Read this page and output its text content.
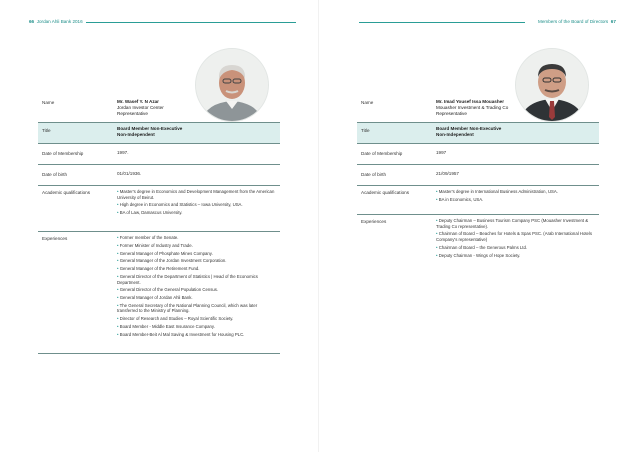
66 Jordan Ahli Bank 2016
Name	Mr. Wasef Y. N Azar
Jordan Investor Center
Representative
Title	Board Member Non-Executive
Non-Independent
Date of Membership	1997.
Date of birth	01/01/1936.
Academic qualifications	• Master's degree in Economics and Development Management from the American University of Beirut.
• High degree in Economics and Statistics – Iowa University, USA.
• BA of Law, Damascus University.
Experiences	• Former member of the Senate.
• Former Minister of Industry and Trade.
• General Manager of Phosphate Mines Company.
• General Manager of the Jordan Investment Corporation.
• General Manager of the Retirement Fund.
• General Director of the Department of Statistics | Head of the Economics Department.
• General Director of the General Population Census.
• General Manager of Jordan Ahli Bank.
• The General Secretary of the National Planning Council, which was later transferred to the Ministry of Planning.
• Director of Research and Studies – Royal Scientific Society.
• Board Member - Middle East Insurance Company.
• Board Member-Beit Al Mal Saving & Investment for Housing PLC.
Members of the Board of Directors 67
Name	Mr. Imad Yousef Issa Mouasher
Mouasher Investment & Trading Co
Representative
Title	Board Member Non-Executive
Non-Independent
Date of Membership	1997
Date of birth	21/09/1957
Academic qualifications	• Master's degree in International Business Administration, USA.
• BA in Economics, USA.
Experiences	• Deputy Chairman – Business Tourism Company PSC (Mouasher Investment & Trading Co representative).
• Chairman of Board – Beaches for Hotels & Spas PSC. (Arab International Hotels Company's representative)
• Chairman of Board – the Generous Palms Ltd.
• Deputy Chairman - Wings of Hope Society.
